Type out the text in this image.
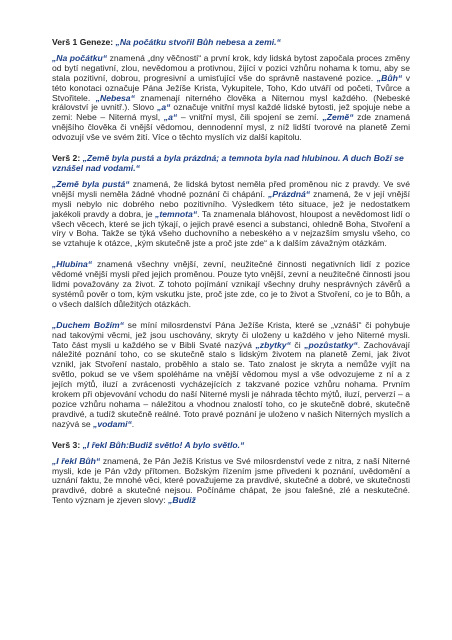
Verš 1 Geneze: „Na počátku stvořil Bůh nebesa a zemi.“

„Na počátku“ znamená „dny věčnosti“ a první krok, kdy lidská bytost započala proces změny od bytí negativní, zlou, nevědomou a protivnou, žijící v pozici vzhůru nohama k tomu, aby se stala pozitivní, dobrou, progresivní a umisťující vše do správně nastavené pozice. „Bůh“ v této konotaci označuje Pána Ježíše Krista, Vykupitele, Toho, Kdo utváří od početi, Tvůrce a Stvořitele. „Nebesa“ znamenají niterného člověka a Niternou mysl každého. (Nebeské království je uvnitř.). Slovo „a“ označuje vnitřní mysl každé lidské bytosti, jež spojuje nebe a zemi: Nebe – Niterná mysl, „a“ – vnitřní mysl, čili spojení se zemí. „Země“ zde znamená vnějšího člověka či vnější vědomou, dennodenní mysl, z níž lidští tvorové na planetě Zemi odvozují vše ve svém žití. Více o těchto myslích viz další kapitolu.

Verš 2: „Země byla pustá a byla prázdná; a temnota byla nad hlubinou. A duch Boží se vznášel nad vodami.“

„Země byla pustá“ znamená, že lidská bytost neměla před proměnou nic z pravdy. Ve své vnější mysli neměla žádné vhodné poznání či chápání. „Prázdná“ znamená, že v její vnější mysli nebylo nic dobrého nebo pozitivního. Výsledkem této situace, jež je nedostatkem jakékoli pravdy a dobra, je „temnota“. Ta znamenala bláhovost, hloupost a nevědomost lidí o všech věcech, které se jich týkají, o jejich pravé esenci a substanci, ohledně Boha, Stvoření a víry v Boha. Takže se týká všeho duchovního a nebeského a v nejzazším smyslu všeho, co se vztahuje k otázce, „kým skutečně jste a proč jste zde“ a k dalším závažným otázkám.

„Hlubina“ znamená všechny vnější, zevní, neužitečné činnosti negativních lidí z pozice vědomé vnější mysli před jejich proměnou. Pouze tyto vnější, zevní a neužitečné činnosti jsou lidmi považovány za život. Z tohoto pojímání vznikají všechny druhy nesprávných závěrů a systémů pověr o tom, kým vskutku jste, proč jste zde, co je to život a Stvoření, co je to Bůh, a o všech dalších důležitých otázkách.

„Duchem Božím“ se míní milosrdenství Pána Ježíše Krista, které se „vznáší“ či pohybuje nad takovými věcmi, jež jsou uschovány, skryty či uloženy u každého v jeho Niterné mysli. Tato část mysli u každého se v Bibli Svaté nazývá „zbytky“ či „pozůstatky“. Zachovávají náležité poznání toho, co se skutečně stalo s lidským životem na planetě Zemi, jak život vznikl, jak Stvoření nastalo, proběhlo a stalo se. Tato znalost je skryta a nemůže vyjít na světlo, pokud se ve všem spoléháme na vnější vědomou mysl a vše odvozujeme z ní a z jejích mýtů, iluzí a zvrácenosti vycházejících z takzvané pozice vzhůru nohama. Prvním krokem při objevování vchodu do naší Niterné mysli je náhrada těchto mýtů, iluzí, perverzí – a pozice vzhůru nohama – náležitou a vhodnou znalostí toho, co je skutečně dobré, skutečně pravdivé, a tudíž skutečně reálné. Toto pravé poznání je uloženo v našich Niterných myslích a nazývá se „vodami“.

Verš 3: „I řekl Bůh:Budiž světlo! A bylo světlo.“

„I řekl Bůh“ znamená, že Pán Ježíš Kristus ve Své milosrdenství vede z nitra, z naší Niterné mysli, kde je Pán vždy přítomen. Božským řízením jsme přivedeni k poznání, uvědomění a uznání faktu, že mnohé věci, které považujeme za pravdivé, skutečné a dobré, ve skutečnosti pravdivé, dobré a skutečné nejsou. Počínáme chápat, že jsou falešné, zlé a neskutečné. Tento význam je zjeven slovy: „Budiž
